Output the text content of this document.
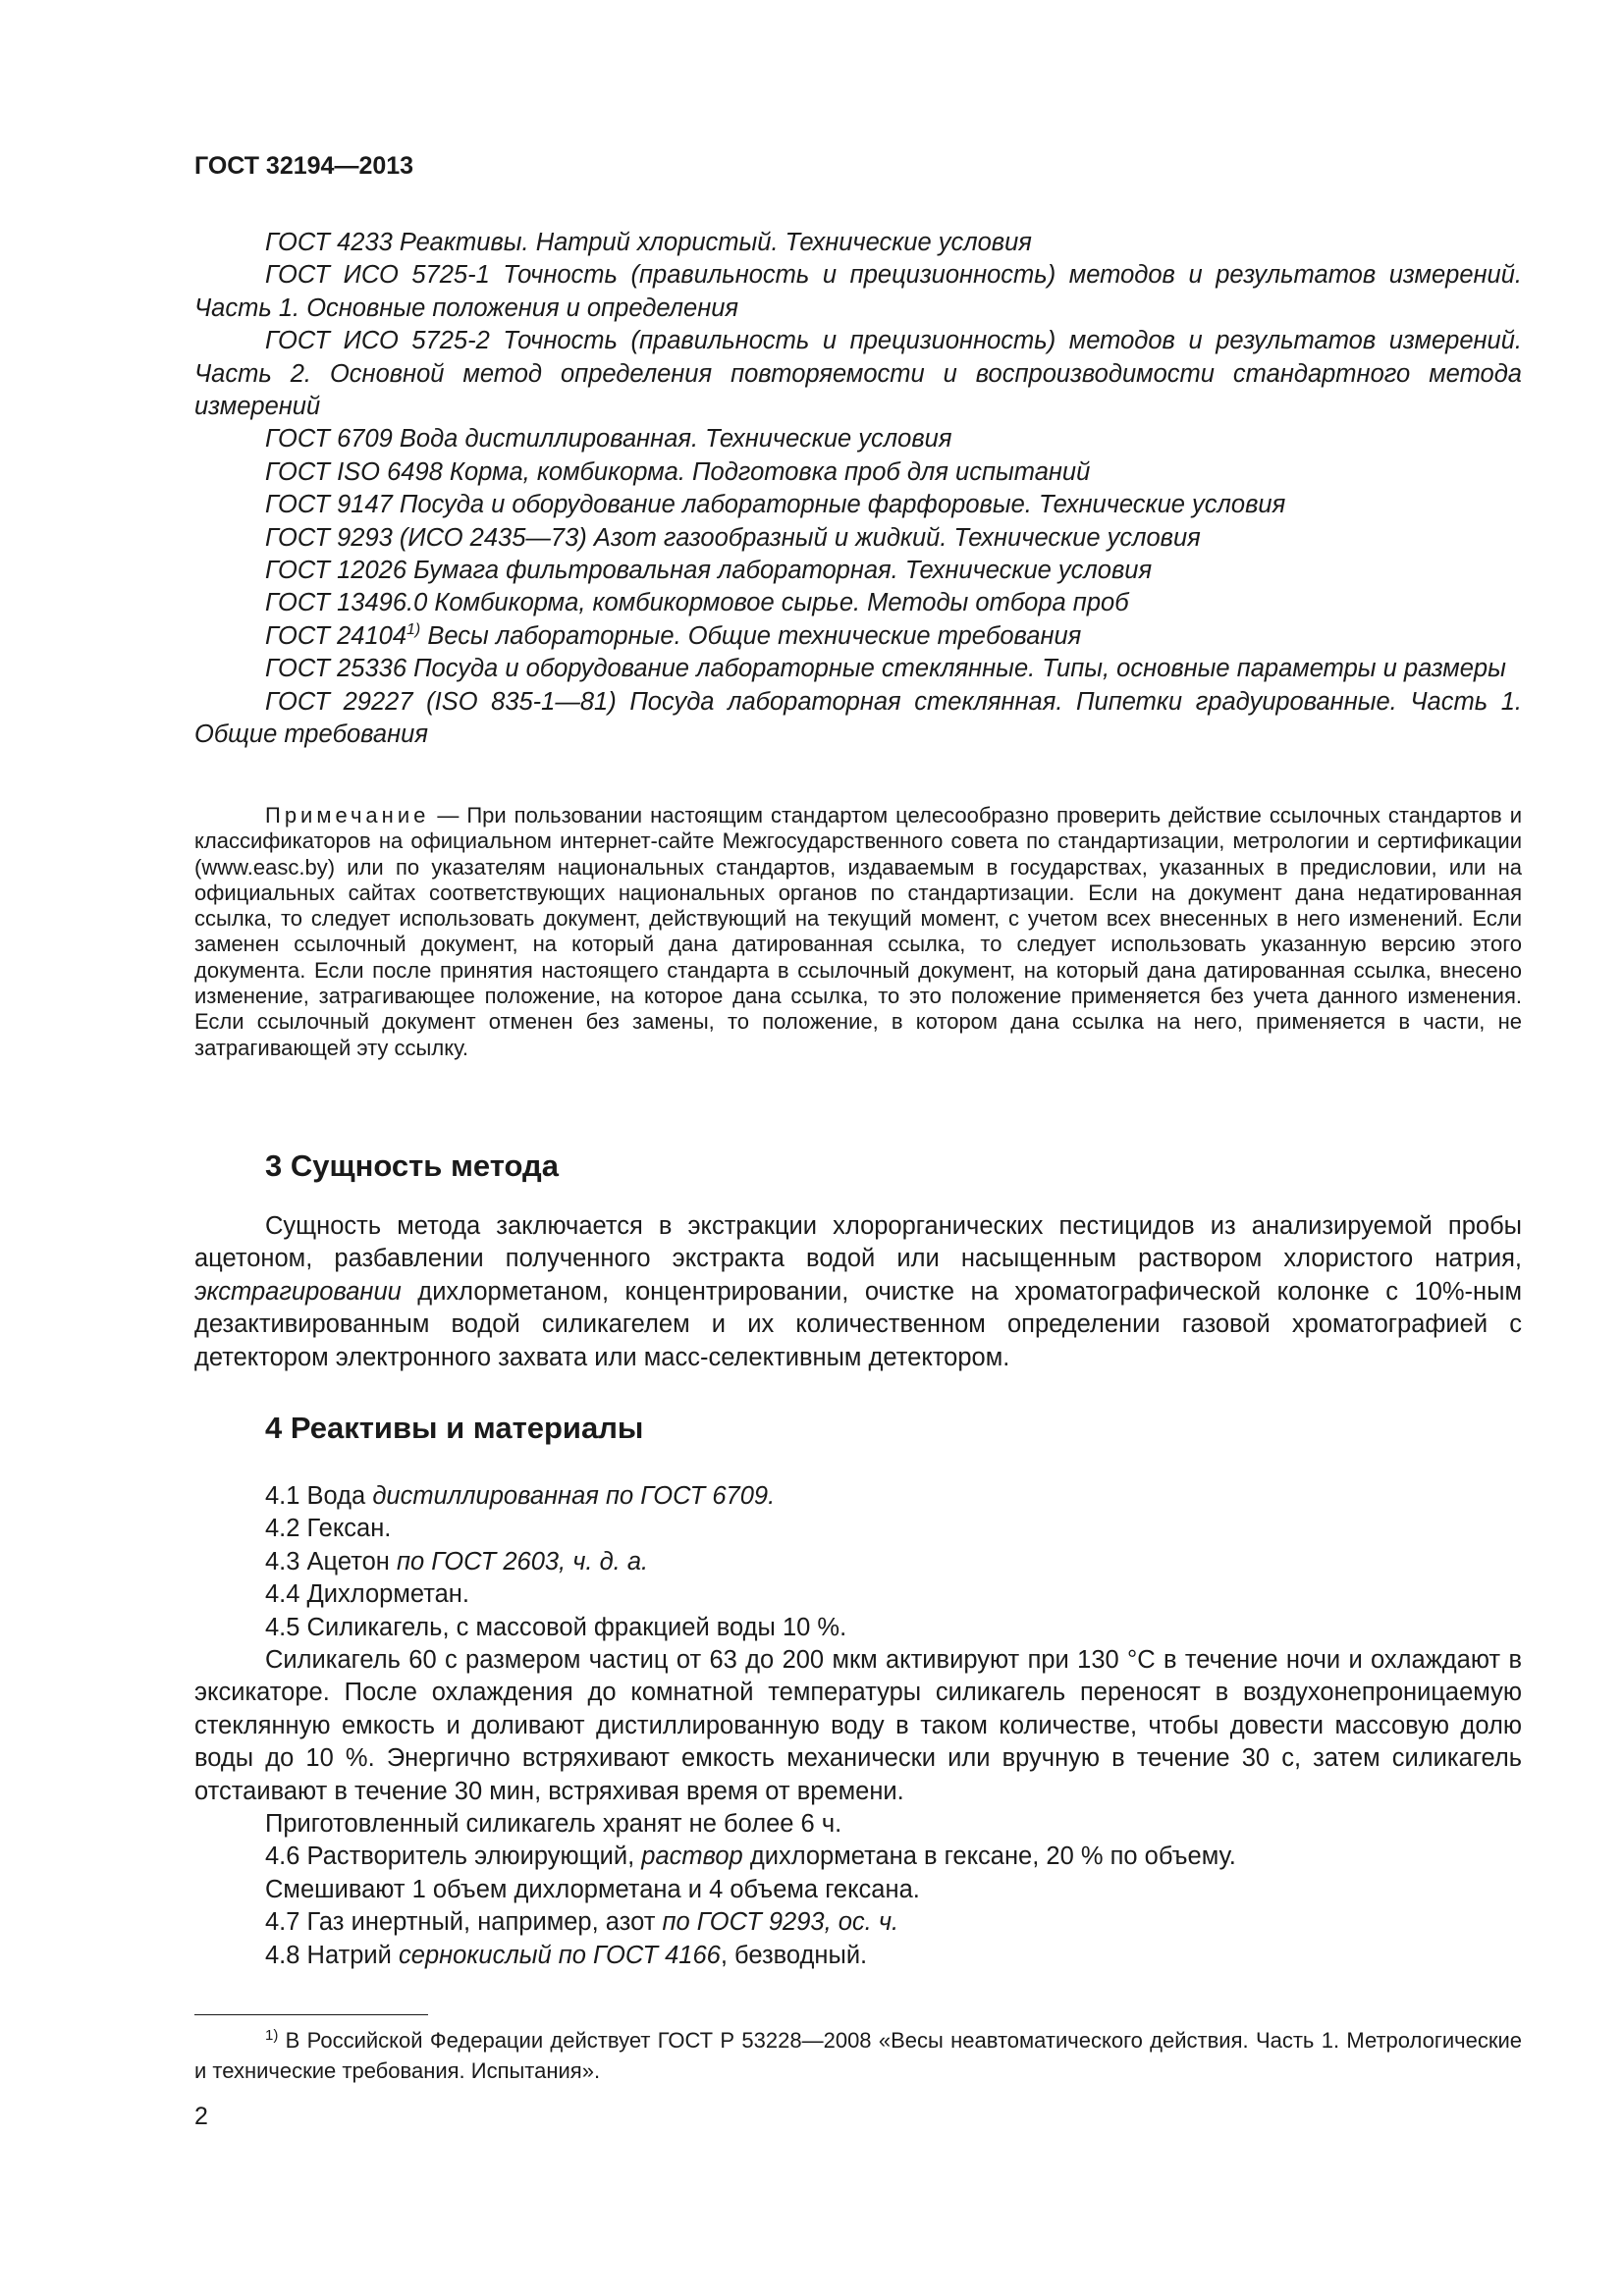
ГОСТ 32194—2013

ГОСТ 4233 Реактивы. Натрий хлористый. Технические условия

ГОСТ ИСО 5725-1 Точность (правильность и прецизионность) методов и результатов измерений. Часть 1. Основные положения и определения

ГОСТ ИСО 5725-2 Точность (правильность и прецизионность) методов и результатов измерений. Часть 2. Основной метод определения повторяемости и воспроизводимости стандартного метода измерений

ГОСТ 6709 Вода дистиллированная. Технические условия

ГОСТ ISO 6498 Корма, комбикорма. Подготовка проб для испытаний

ГОСТ 9147 Посуда и оборудование лабораторные фарфоровые. Технические условия

ГОСТ 9293 (ИСО 2435—73) Азот газообразный и жидкий. Технические условия

ГОСТ 12026 Бумага фильтровальная лабораторная. Технические условия

ГОСТ 13496.0 Комбикорма, комбикормовое сырье. Методы отбора проб

ГОСТ 24104$^{1)}$ Весы лабораторные. Общие технические требования

ГОСТ 25336 Посуда и оборудование лабораторные стеклянные. Типы, основные параметры и размеры

ГОСТ 29227 (ISO 835-1—81) Посуда лабораторная стеклянная. Пипетки градуированные. Часть 1. Общие требования

Примечание — При пользовании настоящим стандартом целесообразно проверить действие ссылочных стандартов и классификаторов на официальном интернет-сайте Межгосударственного совета по стандартизации, метрологии и сертификации (www.easc.by) или по указателям национальных стандартов, издаваемым в государствах, указанных в предисловии, или на официальных сайтах соответствующих национальных органов по стандартизации. Если на документ дана недатированная ссылка, то следует использовать документ, действующий на текущий момент, с учетом всех внесенных в него изменений. Если заменен ссылочный документ, на который дана датированная ссылка, то следует использовать указанную версию этого документа. Если после принятия настоящего стандарта в ссылочный документ, на который дана датированная ссылка, внесено изменение, затрагивающее положение, на которое дана ссылка, то это положение применяется без учета данного изменения. Если ссылочный документ отменен без замены, то положение, в котором дана ссылка на него, применяется в части, не затрагивающей эту ссылку.

3 Сущность метода

Сущность метода заключается в экстракции хлорорганических пестицидов из анализируемой пробы ацетоном, разбавлении полученного экстракта водой или насыщенным раствором хлористого натрия, экстрагировании дихлорметаном, концентрировании, очистке на хроматографической колонке с 10%-ным дезактивированным водой силикагелем и их количественном определении газовой хроматографией с детектором электронного захвата или масс-селективным детектором.

4 Реактивы и материалы

4.1 Вода дистиллированная по ГОСТ 6709.

4.2 Гексан.

4.3 Ацетон по ГОСТ 2603, ч. д. а.

4.4 Дихлорметан.

4.5 Силикагель, с массовой фракцией воды 10 %.

Силикагель 60 с размером частиц от 63 до 200 мкм активируют при 130 °С в течение ночи и охлаждают в эксикаторе. После охлаждения до комнатной температуры силикагель переносят в воздухонепроницаемую стеклянную емкость и доливают дистиллированную воду в таком количестве, чтобы довести массовую долю воды до 10 %. Энергично встряхивают емкость механически или вручную в течение 30 с, затем силикагель отстаивают в течение 30 мин, встряхивая время от времени.

Приготовленный силикагель хранят не более 6 ч.

4.6 Растворитель элюирующий, раствор дихлорметана в гексане, 20 % по объему.

Смешивают 1 объем дихлорметана и 4 объема гексана.

4.7 Газ инертный, например, азот по ГОСТ 9293, ос. ч.

4.8 Натрий сернокислый по ГОСТ 4166, безводный.

$^{1)}$ В Российской Федерации действует ГОСТ Р 53228—2008 «Весы неавтоматического действия. Часть 1. Метрологические и технические требования. Испытания».

2
